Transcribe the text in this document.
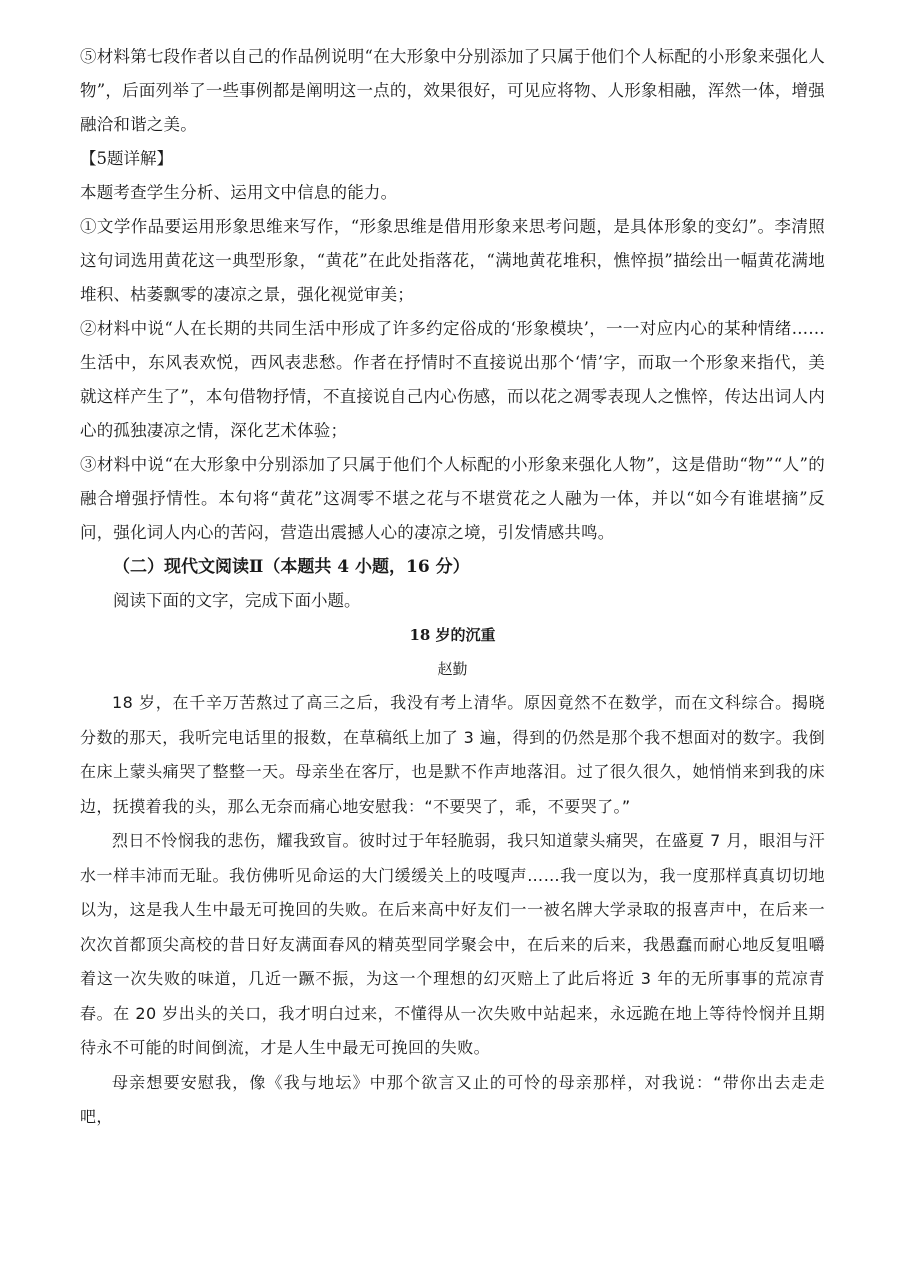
⑤材料第七段作者以自己的作品例说明“在大形象中分别添加了只属于他们个人标配的小形象来强化人物”，后面列举了一些事例都是阐明这一点的，效果很好，可见应将物、人形象相融，浑然一体，增强融洽和谐之美。

【5题详解】

本题考查学生分析、运用文中信息的能力。

①文学作品要运用形象思维来写作，“形象思维是借用形象来思考问题，是具体形象的变幻”。李清照这句词选用黄花这一典型形象，“黄花”在此处指落花，“满地黄花堆积，憔悴损”描绘出一幅黄花满地堆积、枯萎飘零的凄凉之景，强化视觉审美；

②材料中说“人在长期的共同生活中形成了许多约定俗成的‘形象模块’，一一对应内心的某种情绪……生活中，东风表欢悦，西风表悲愁。作者在抒情时不直接说出那个‘情’字，而取一个形象来指代，美就这样产生了”，本句借物抒情，不直接说自己内心伤感，而以花之凋零表现人之憔悴，传达出词人内心的孤独凄凉之情，深化艺术体验；

③材料中说“在大形象中分别添加了只属于他们个人标配的小形象来强化人物”，这是借助“物”“人”的融合增强抒情性。本句将“黄花”这凋零不堪之花与不堪赏花之人融为一体，并以“如今有谁堪摘”反问，强化词人内心的苦闷，营造出震撼人心的凄凉之境，引发情感共鸣。

（二）现代文阅读Ⅱ（本题共 4 小题，16 分）

阅读下面的文字，完成下面小题。

18 岁的沉重

赵勤

18 岁，在千辛万苦熬过了高三之后，我没有考上清华。原因竟然不在数学，而在文科综合。揭晓分数的那天，我听完电话里的报数，在草稿纸上加了 3 遍，得到的仍然是那个我不想面对的数字。我倒在床上蒙头痛哭了整整一天。母亲坐在客厅，也是默不作声地落泪。过了很久很久，她悄悄来到我的床边，抚摸着我的头，那么无奈而痛心地安慰我：“不要哭了，乖，不要哭了。”

烈日不怜悯我的悲伤，耀我致盲。彼时过于年轻脆弱，我只知道蒙头痛哭，在盛夏 7 月，眼泪与汗水一样丰沛而无耻。我仿佛听见命运的大门缓缓关上的吱嘎声……我一度以为，我一度那样真真切切地以为，这是我人生中最无可挽回的失败。在后来高中好友们一一被名牌大学录取的报喜声中，在后来一次次首都顶尖高校的昔日好友满面春风的精英型同学聚会中，在后来的后来，我愚蠢而耐心地反复咀嚼着这一次失败的味道，几近一蹶不振，为这一个理想的幻灭赔上了此后将近 3 年的无所事事的荒凉青春。在 20 岁出头的关口，我才明白过来，不懂得从一次失败中站起来，永远跪在地上等待怜悯并且期待永不可能的时间倒流，才是人生中最无可挽回的失败。

母亲想要安慰我，像《我与地坛》中那个欲言又止的可怜的母亲那样，对我说：“带你出去走走吧，
